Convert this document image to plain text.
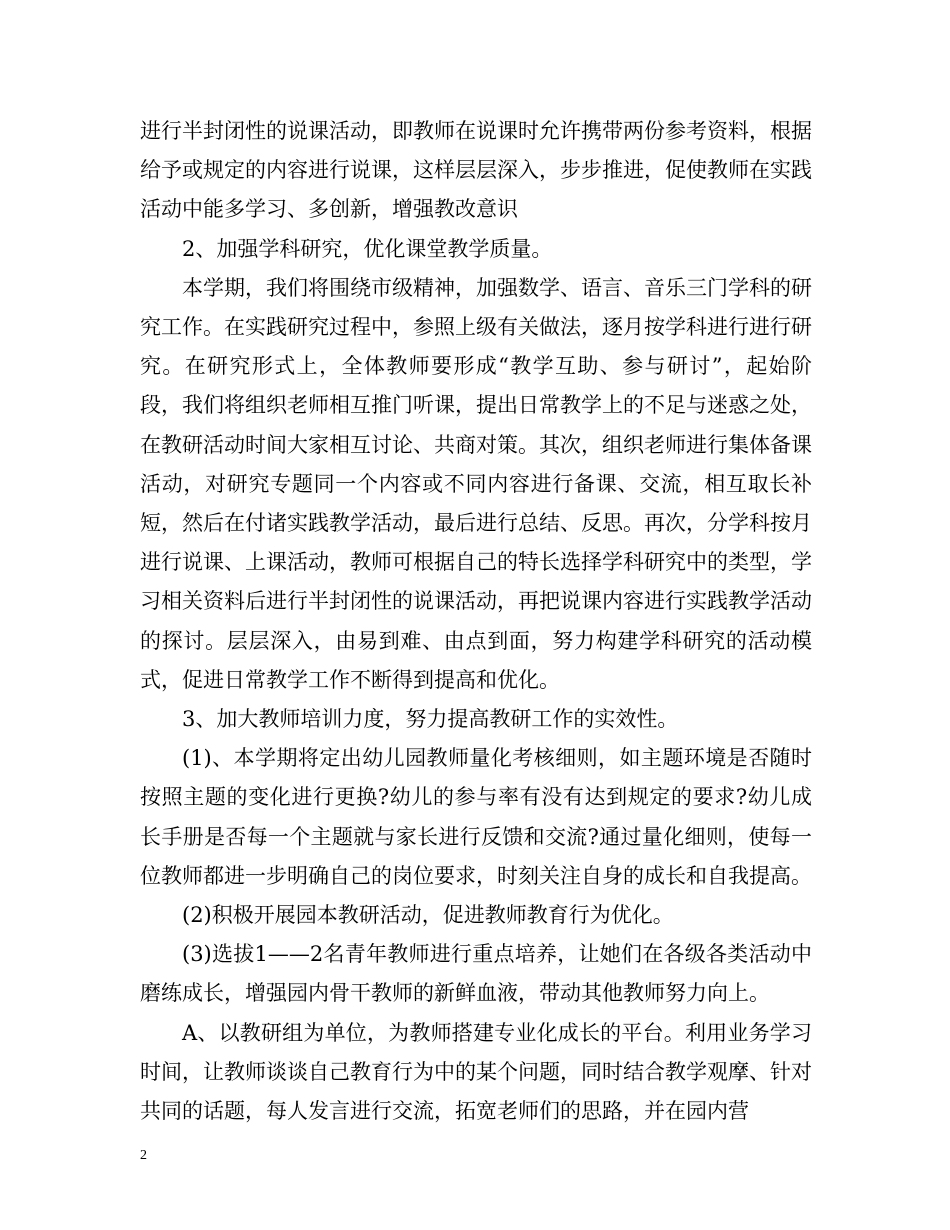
进行半封闭性的说课活动，即教师在说课时允许携带两份参考资料，根据给予或规定的内容进行说课，这样层层深入，步步推进，促使教师在实践活动中能多学习、多创新，增强教改意识

2、加强学科研究，优化课堂教学质量。

本学期，我们将围绕市级精神，加强数学、语言、音乐三门学科的研究工作。在实践研究过程中，参照上级有关做法，逐月按学科进行进行研究。在研究形式上，全体教师要形成“教学互助、参与研讨”，起始阶段，我们将组织老师相互推门听课，提出日常教学上的不足与迷惑之处，在教研活动时间大家相互讨论、共商对策。其次，组织老师进行集体备课活动，对研究专题同一个内容或不同内容进行备课、交流，相互取长补短，然后在付诸实践教学活动，最后进行总结、反思。再次，分学科按月进行说课、上课活动，教师可根据自己的特长选择学科研究中的类型，学习相关资料后进行半封闭性的说课活动，再把说课内容进行实践教学活动的探讨。层层深入，由易到难、由点到面，努力构建学科研究的活动模式，促进日常教学工作不断得到提高和优化。

3、加大教师培训力度，努力提高教研工作的实效性。

(1)、本学期将定出幼儿园教师量化考核细则，如主题环境是否随时按照主题的变化进行更换?幼儿的参与率有没有达到规定的要求?幼儿成长手册是否每一个主题就与家长进行反馈和交流?通过量化细则，使每一位教师都进一步明确自己的岗位要求，时刻关注自身的成长和自我提高。

(2)积极开展园本教研活动，促进教师教育行为优化。

(3)选拔1——2名青年教师进行重点培养，让她们在各级各类活动中磨练成长，增强园内骨干教师的新鲜血液，带动其他教师努力向上。

A、以教研组为单位，为教师搭建专业化成长的平台。利用业务学习时间，让教师谈谈自己教育行为中的某个问题，同时结合教学观摩、针对共同的话题，每人发言进行交流，拓宽老师们的思路，并在园内营

2
